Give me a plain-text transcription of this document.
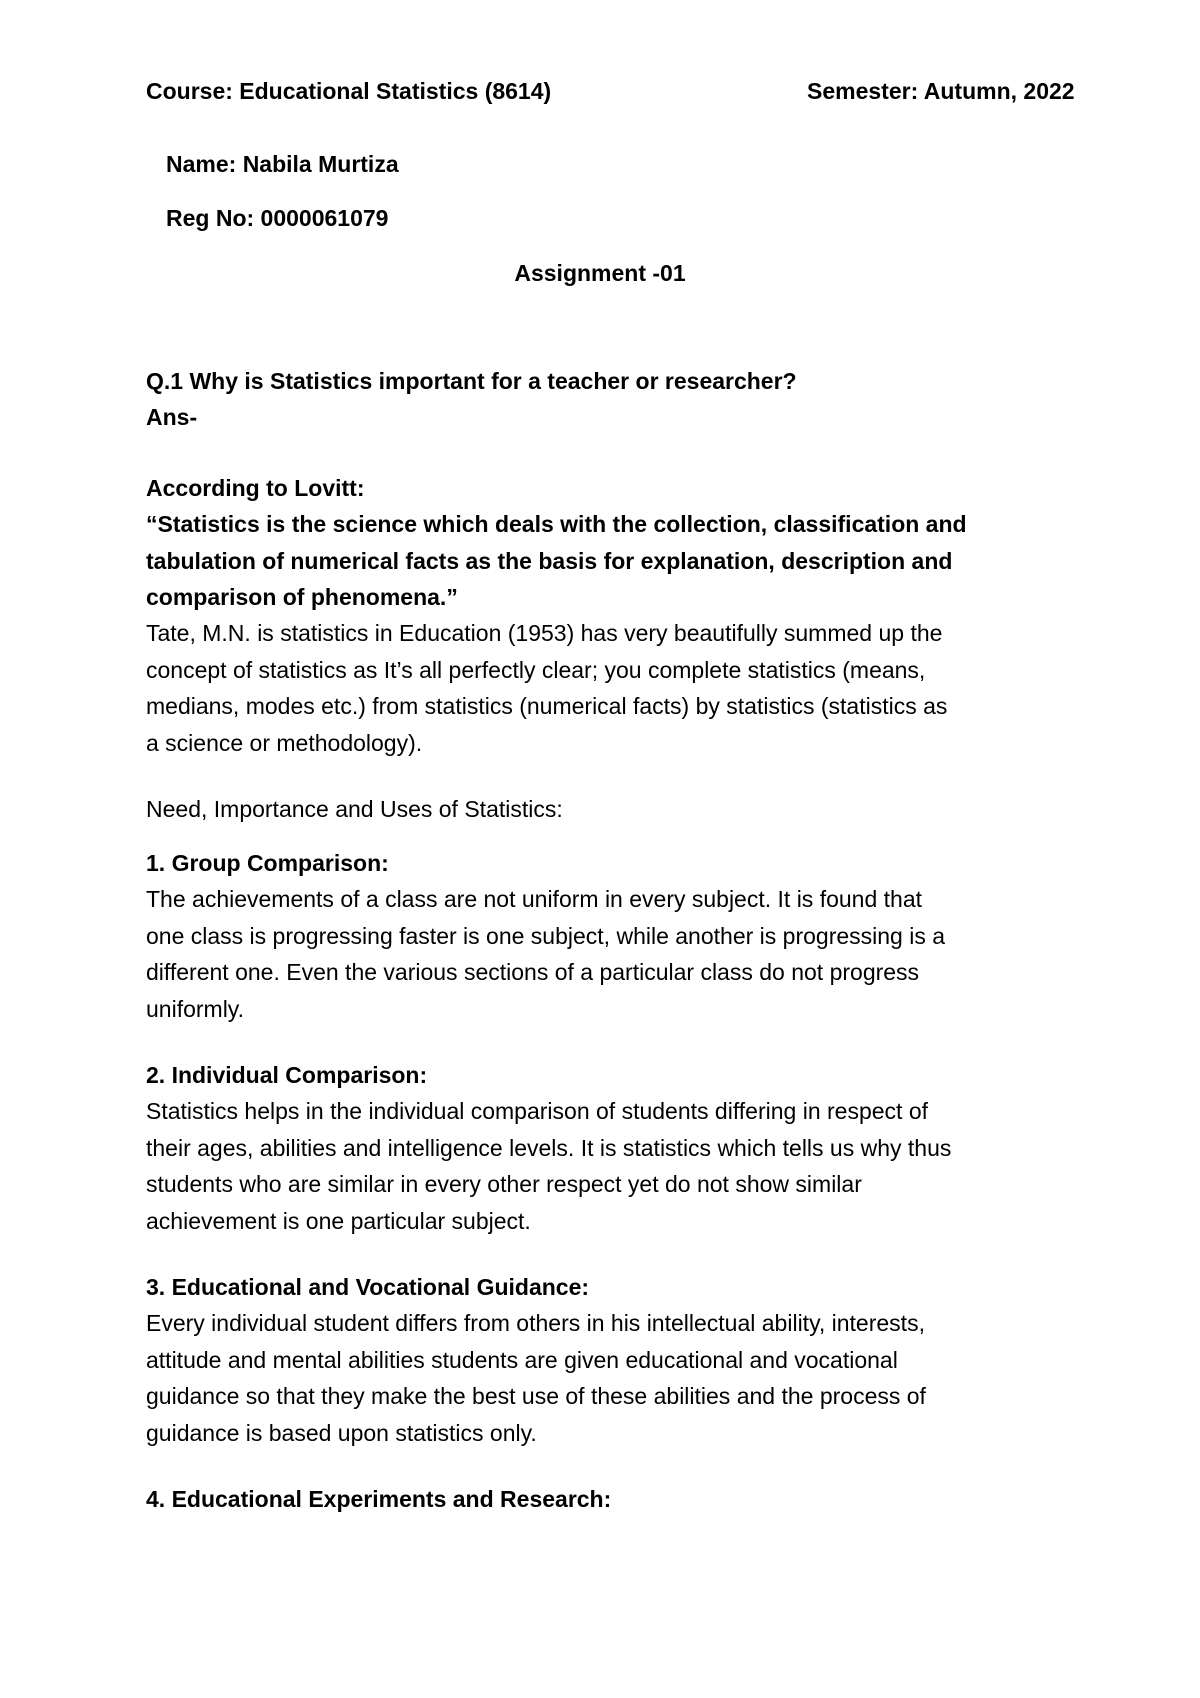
Course: Educational Statistics (8614)	Semester: Autumn, 2022
Name: Nabila Murtiza
Reg No: 0000061079
Assignment -01
Q.1 Why is Statistics important for a teacher or researcher?
Ans-
According to Lovitt:
“Statistics is the science which deals with the collection, classification and
tabulation of numerical facts as the basis for explanation, description and
comparison of phenomena.”
Tate, M.N. is statistics in Education (1953) has very beautifully summed up the
concept of statistics as It’s all perfectly clear; you complete statistics (means,
medians, modes etc.) from statistics (numerical facts) by statistics (statistics as
a science or methodology).
Need, Importance and Uses of Statistics:
1. Group Comparison:
The achievements of a class are not uniform in every subject. It is found that
one class is progressing faster is one subject, while another is progressing is a
different one. Even the various sections of a particular class do not progress
uniformly.
2. Individual Comparison:
Statistics helps in the individual comparison of students differing in respect of
their ages, abilities and intelligence levels. It is statistics which tells us why thus
students who are similar in every other respect yet do not show similar
achievement is one particular subject.
3. Educational and Vocational Guidance:
Every individual student differs from others in his intellectual ability, interests,
attitude and mental abilities students are given educational and vocational
guidance so that they make the best use of these abilities and the process of
guidance is based upon statistics only.
4. Educational Experiments and Research:
